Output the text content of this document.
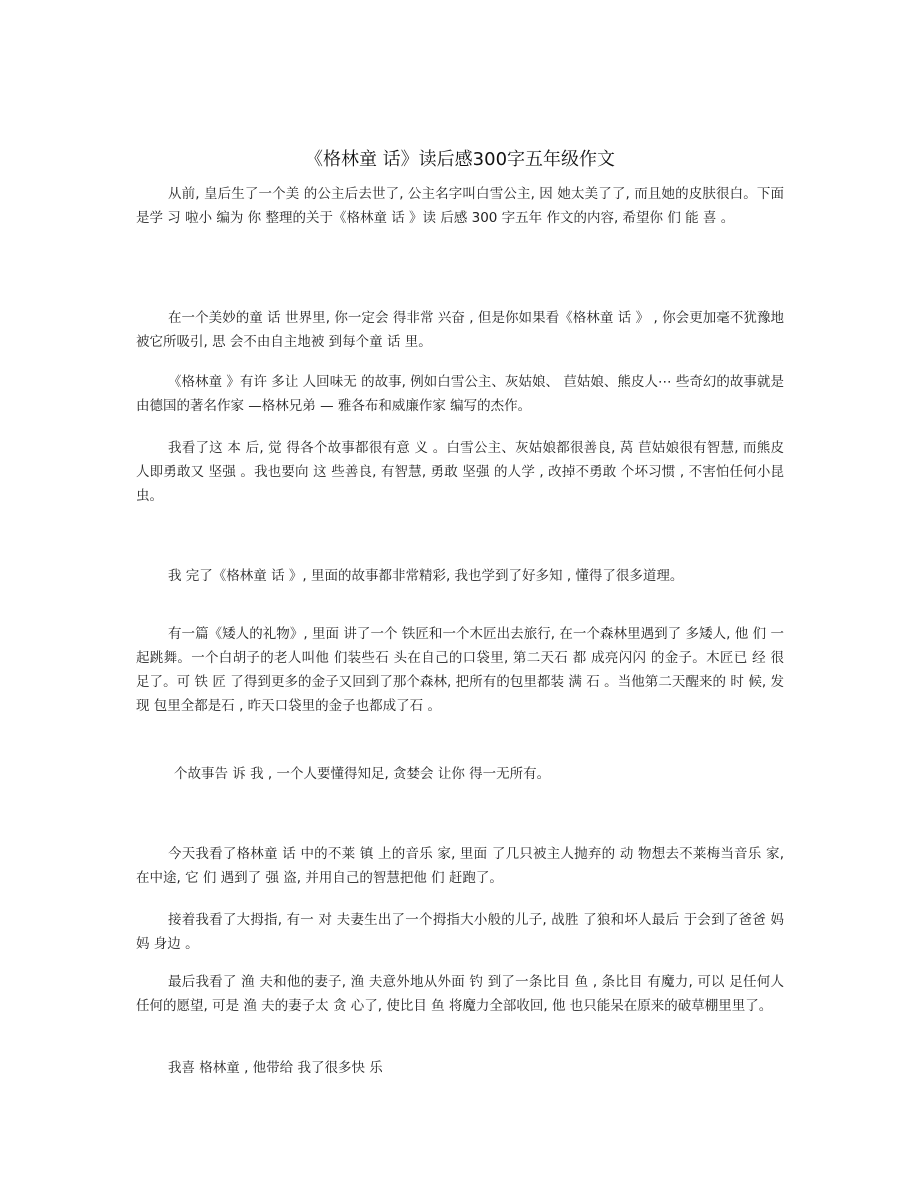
《格林童 话》读后感300字五年级作文
从前, 皇后生了一个美 的公主后去世了, 公主名字叫白雪公主, 因 她太美了了, 而且她的皮肤很白。下面是学 习 啦小 编为 你 整理的关于《格林童 话 》读 后感 300 字五年 作文的内容, 希望你 们 能 喜 。
在一个美妙的童 话 世界里, 你一定会 得非常 兴奋 , 但是你如果看《格林童 话 》 , 你会更加毫不犹豫地被它所吸引, 思 会不由自主地被 到每个童 话 里。
《格林童 》有许 多让 人回味无 的故事, 例如白雪公主、灰姑娘、 苣姑娘、熊皮人⋯ 些奇幻的故事就是由德国的著名作家 —格林兄弟 — 雅各布和威廉作家 编写的杰作。
我看了这 本 后, 觉 得各个故事都很有意 义 。白雪公主、灰姑娘都很善良, 莴 苣姑娘很有智慧, 而熊皮人即勇敢又 坚强 。我也要向 这 些善良, 有智慧, 勇敢 坚强 的人学 , 改掉不勇敢 个坏习惯 , 不害怕任何小昆虫。
我 完了《格林童 话 》, 里面的故事都非常精彩, 我也学到了好多知 , 懂得了很多道理。
有一篇《矮人的礼物》, 里面 讲了一个 铁匠和一个木匠出去旅行, 在一个森林里遇到了 多矮人, 他 们 一起跳舞。一个白胡子的老人叫他 们装些石 头在自己的口袋里, 第二天石 都 成亮闪闪 的金子。木匠已 经 很 足了。可 铁 匠 了得到更多的金子又回到了那个森林, 把所有的包里都装 满 石 。当他第二天醒来的 时 候, 发现 包里全都是石 , 昨天口袋里的金子也都成了石 。
个故事告 诉 我 , 一个人要懂得知足, 贪婪会 让你 得一无所有。
今天我看了格林童 话 中的不莱 镇 上的音乐 家, 里面 了几只被主人抛弃的 动 物想去不莱梅当音乐 家, 在中途, 它 们 遇到了 强 盗, 并用自己的智慧把他 们 赶跑了。
接着我看了大拇指, 有一 对 夫妻生出了一个拇指大小般的儿子, 战胜 了狼和坏人最后 于会到了爸爸 妈妈 身边 。
最后我看了 渔 夫和他的妻子, 渔 夫意外地从外面 钓 到了一条比目 鱼 , 条比目 有魔力, 可以 足任何人任何的愿望, 可是 渔 夫的妻子太 贪 心了, 使比目 鱼 将魔力全部收回, 他 也只能呆在原来的破草棚里里了。
我喜 格林童 , 他带给 我了很多快 乐
